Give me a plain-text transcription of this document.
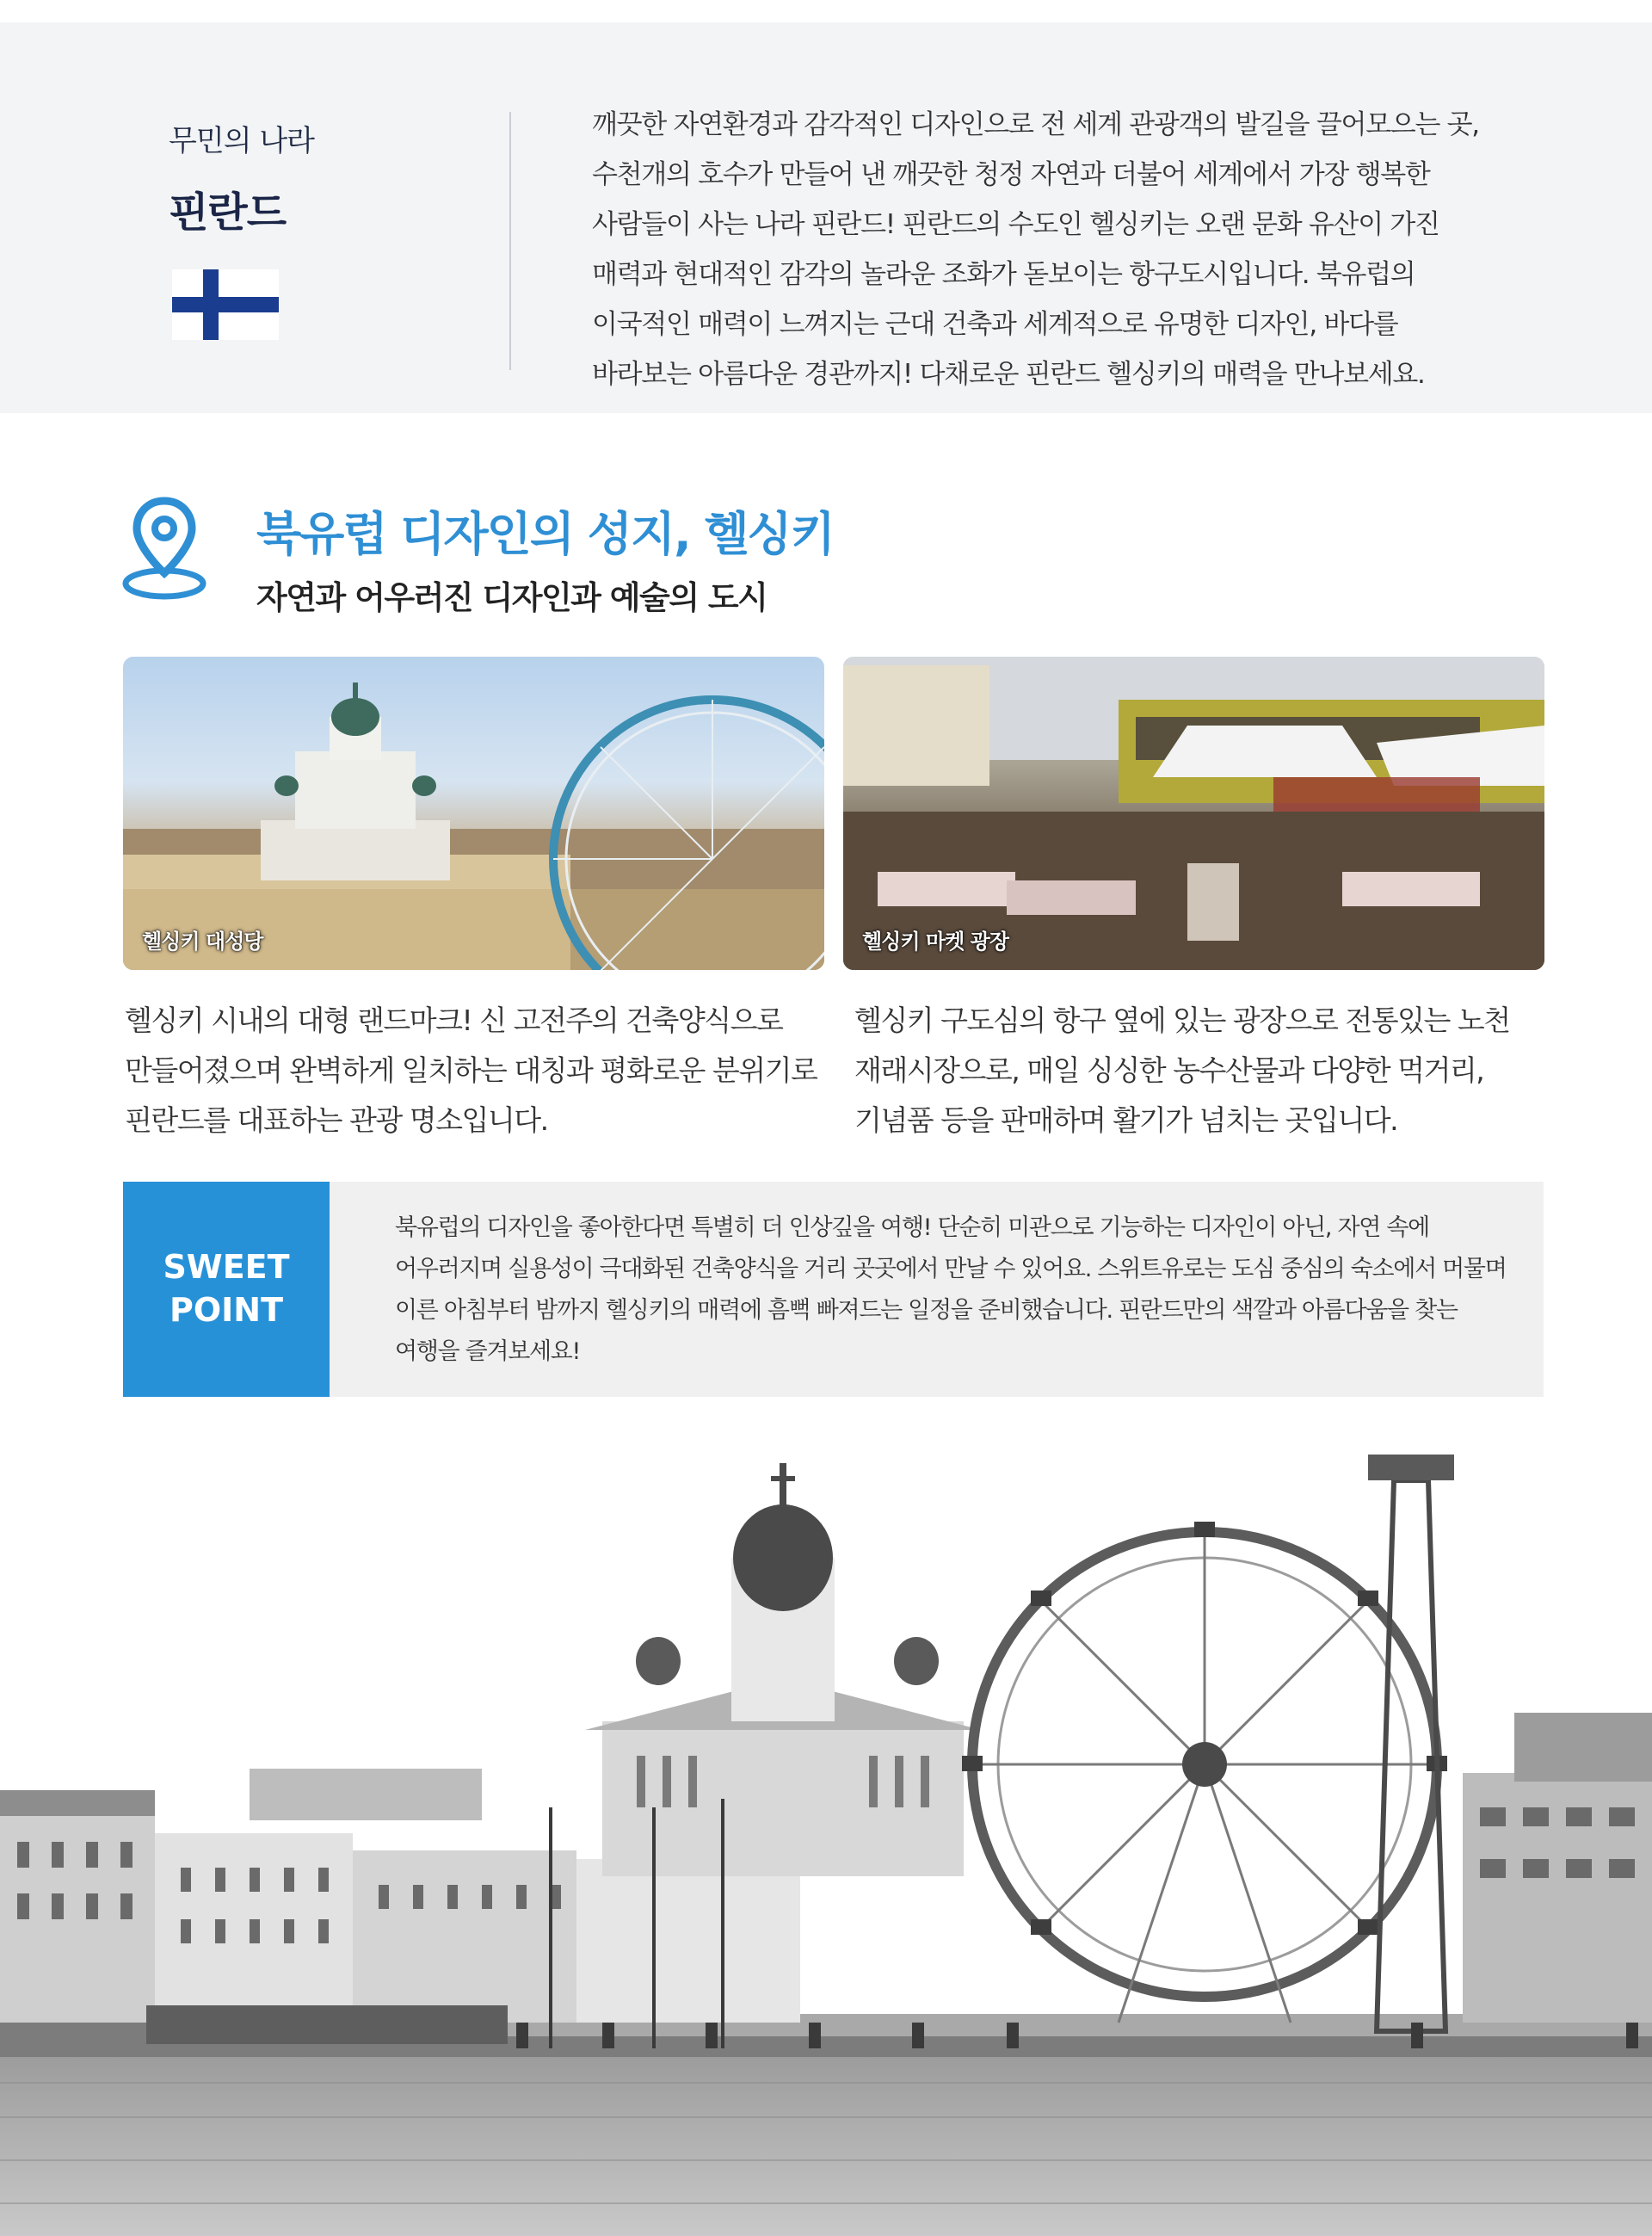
무민의 나라
핀란드
깨끗한 자연환경과 감각적인 디자인으로 전 세계 관광객의 발길을 끌어모으는 곳,
수천개의 호수가 만들어 낸 깨끗한 청정 자연과 더불어 세계에서 가장 행복한
사람들이 사는 나라 핀란드! 핀란드의 수도인 헬싱키는 오랜 문화 유산이 가진
매력과 현대적인 감각의 놀라운 조화가 돋보이는 항구도시입니다. 북유럽의
이국적인 매력이 느껴지는 근대 건축과 세계적으로 유명한 디자인, 바다를
바라보는 아름다운 경관까지! 다채로운 핀란드 헬싱키의 매력을 만나보세요.
북유럽 디자인의 성지, 헬싱키
자연과 어우러진 디자인과 예술의 도시
헬싱키 대성당	헬싱키 마켓 광장
헬싱키 시내의 대형 랜드마크! 신 고전주의 건축양식으로
만들어졌으며 완벽하게 일치하는 대칭과 평화로운 분위기로
핀란드를 대표하는 관광 명소입니다.
헬싱키 구도심의 항구 옆에 있는 광장으로 전통있는 노천
재래시장으로, 매일 싱싱한 농수산물과 다양한 먹거리,
기념품 등을 판매하며 활기가 넘치는 곳입니다.
SWEET
POINT
북유럽의 디자인을 좋아한다면 특별히 더 인상깊을 여행! 단순히 미관으로 기능하는 디자인이 아닌, 자연 속에
어우러지며 실용성이 극대화된 건축양식을 거리 곳곳에서 만날 수 있어요. 스위트유로는 도심 중심의 숙소에서 머물며
이른 아침부터 밤까지 헬싱키의 매력에 흠뻑 빠져드는 일정을 준비했습니다. 핀란드만의 색깔과 아름다움을 찾는
여행을 즐겨보세요!
